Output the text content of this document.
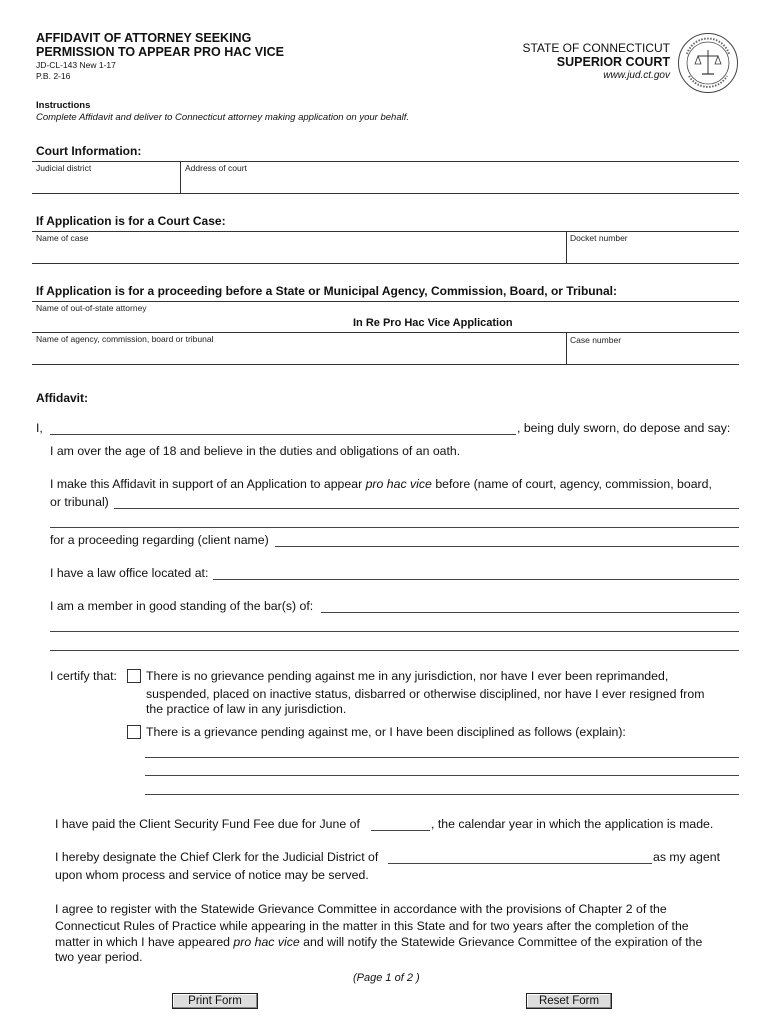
AFFIDAVIT OF ATTORNEY SEEKING
PERMISSION TO APPEAR PRO HAC VICE
JD-CL-143 New 1-17
P.B. 2-16
STATE OF CONNECTICUT
SUPERIOR COURT
www.jud.ct.gov
Instructions
Complete Affidavit and deliver to Connecticut attorney making application on your behalf.
Court Information:
Judicial district	Address of court
If Application is for a Court Case:
Name of case	Docket number
If Application is for a proceeding before a State or Municipal Agency, Commission, Board, or Tribunal:
Name of out-of-state attorney
In Re Pro Hac Vice Application
Name of agency, commission, board or tribunal	Case number
Affidavit:
I,	, being duly sworn, do depose and say:
I am over the age of 18 and believe in the duties and obligations of an oath.
I make this Affidavit in support of an Application to appear pro hac vice before (name of court, agency, commission, board,
or tribunal)
for a proceeding regarding (client name)
I have a law office located at:
I am a member in good standing of the bar(s) of:
I certify that: There is no grievance pending against me in any jurisdiction, nor have I ever been reprimanded,
suspended, placed on inactive status, disbarred or otherwise disciplined, nor have I ever resigned from
the practice of law in any jurisdiction.
There is a grievance pending against me, or I have been disciplined as follows (explain):
I have paid the Client Security Fund Fee due for June of	, the calendar year in which the application is made.
I hereby designate the Chief Clerk for the Judicial District of	as my agent
upon whom process and service of notice may be served.
I agree to register with the Statewide Grievance Committee in accordance with the provisions of Chapter 2 of the
Connecticut Rules of Practice while appearing in the matter in this State and for two years after the completion of the
matter in which I have appeared pro hac vice and will notify the Statewide Grievance Committee of the expiration of the
two year period.
(Page 1 of 2 )
Print Form	Reset Form
